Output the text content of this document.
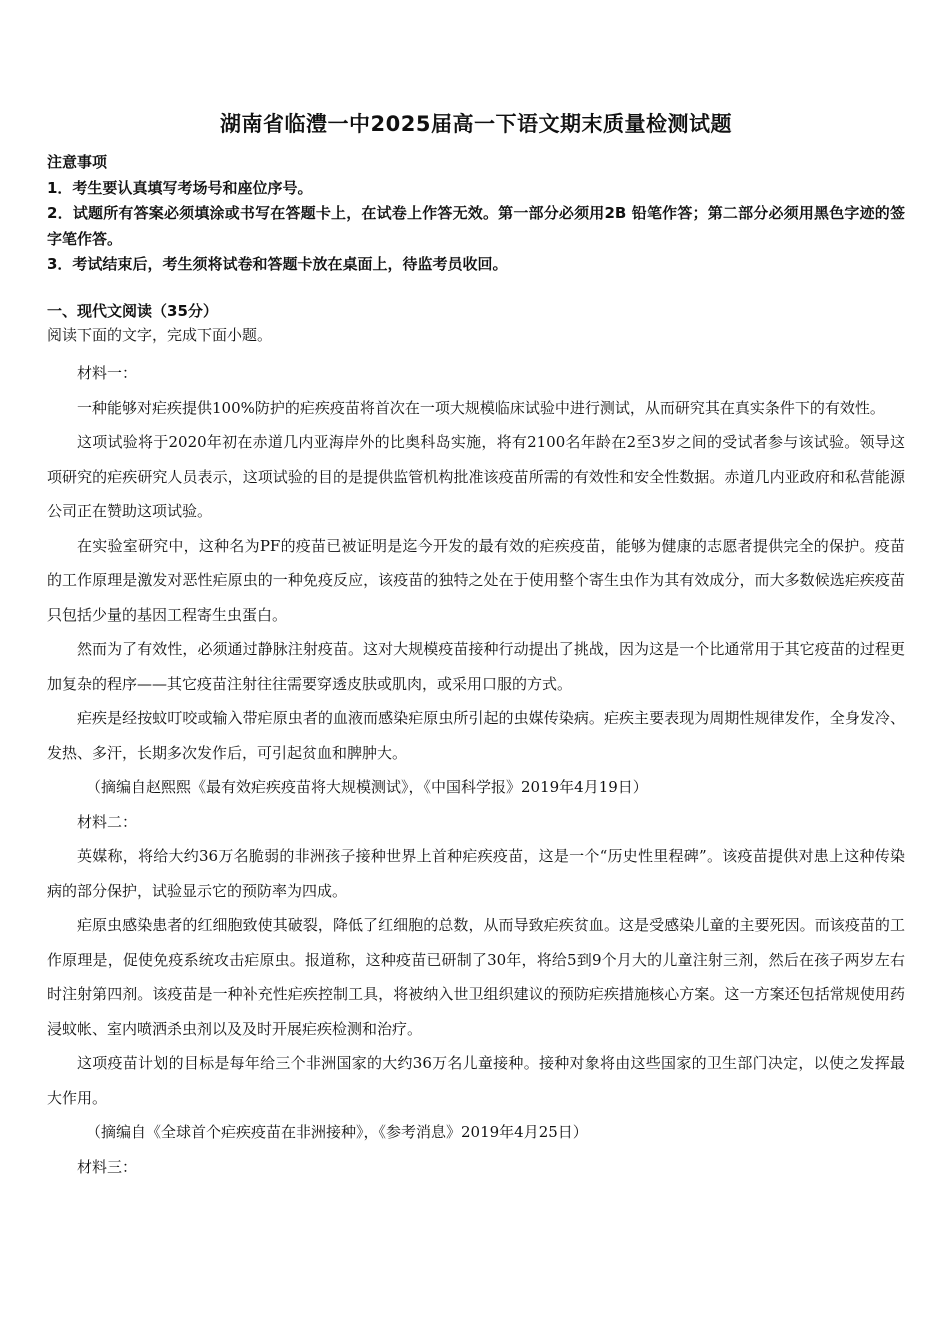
湖南省临澧一中2025届高一下语文期末质量检测试题

注意事项

1．考生要认真填写考场号和座位序号。

2．试题所有答案必须填涂或书写在答题卡上，在试卷上作答无效。第一部分必须用2B 铅笔作答；第二部分必须用黑色字迹的签字笔作答。

3．考试结束后，考生须将试卷和答题卡放在桌面上，待监考员收回。

一、现代文阅读（35分）
阅读下面的文字，完成下面小题。

材料一：

一种能够对疟疾提供100%防护的疟疾疫苗将首次在一项大规模临床试验中进行测试，从而研究其在真实条件下的有效性。

这项试验将于2020年初在赤道几内亚海岸外的比奥科岛实施，将有2100名年龄在2至3岁之间的受试者参与该试验。领导这项研究的疟疾研究人员表示，这项试验的目的是提供监管机构批准该疫苗所需的有效性和安全性数据。赤道几内亚政府和私营能源公司正在赞助这项试验。

在实验室研究中，这种名为PF的疫苗已被证明是迄今开发的最有效的疟疾疫苗，能够为健康的志愿者提供完全的保护。疫苗的工作原理是激发对恶性疟原虫的一种免疫反应，该疫苗的独特之处在于使用整个寄生虫作为其有效成分，而大多数候选疟疾疫苗只包括少量的基因工程寄生虫蛋白。

然而为了有效性，必须通过静脉注射疫苗。这对大规模疫苗接种行动提出了挑战，因为这是一个比通常用于其它疫苗的过程更加复杂的程序——其它疫苗注射往往需要穿透皮肤或肌肉，或采用口服的方式。

疟疾是经按蚊叮咬或输入带疟原虫者的血液而感染疟原虫所引起的虫媒传染病。疟疾主要表现为周期性规律发作，全身发冷、发热、多汗，长期多次发作后，可引起贫血和脾肿大。

（摘编自赵熙熙《最有效疟疾疫苗将大规模测试》，《中国科学报》2019年4月19日）

材料二：

英媒称，将给大约36万名脆弱的非洲孩子接种世界上首种疟疾疫苗，这是一个“历史性里程碑”。该疫苗提供对患上这种传染病的部分保护，试验显示它的预防率为四成。

疟原虫感染患者的红细胞致使其破裂，降低了红细胞的总数，从而导致疟疾贫血。这是受感染儿童的主要死因。而该疫苗的工作原理是，促使免疫系统攻击疟原虫。报道称，这种疫苗已研制了30年，将给5到9个月大的儿童注射三剂，然后在孩子两岁左右时注射第四剂。该疫苗是一种补充性疟疾控制工具，将被纳入世卫组织建议的预防疟疾措施核心方案。这一方案还包括常规使用药浸蚊帐、室内喷洒杀虫剂以及及时开展疟疾检测和治疗。

这项疫苗计划的目标是每年给三个非洲国家的大约36万名儿童接种。接种对象将由这些国家的卫生部门决定，以使之发挥最大作用。

（摘编自《全球首个疟疾疫苗在非洲接种》，《参考消息》2019年4月25日）

材料三：
